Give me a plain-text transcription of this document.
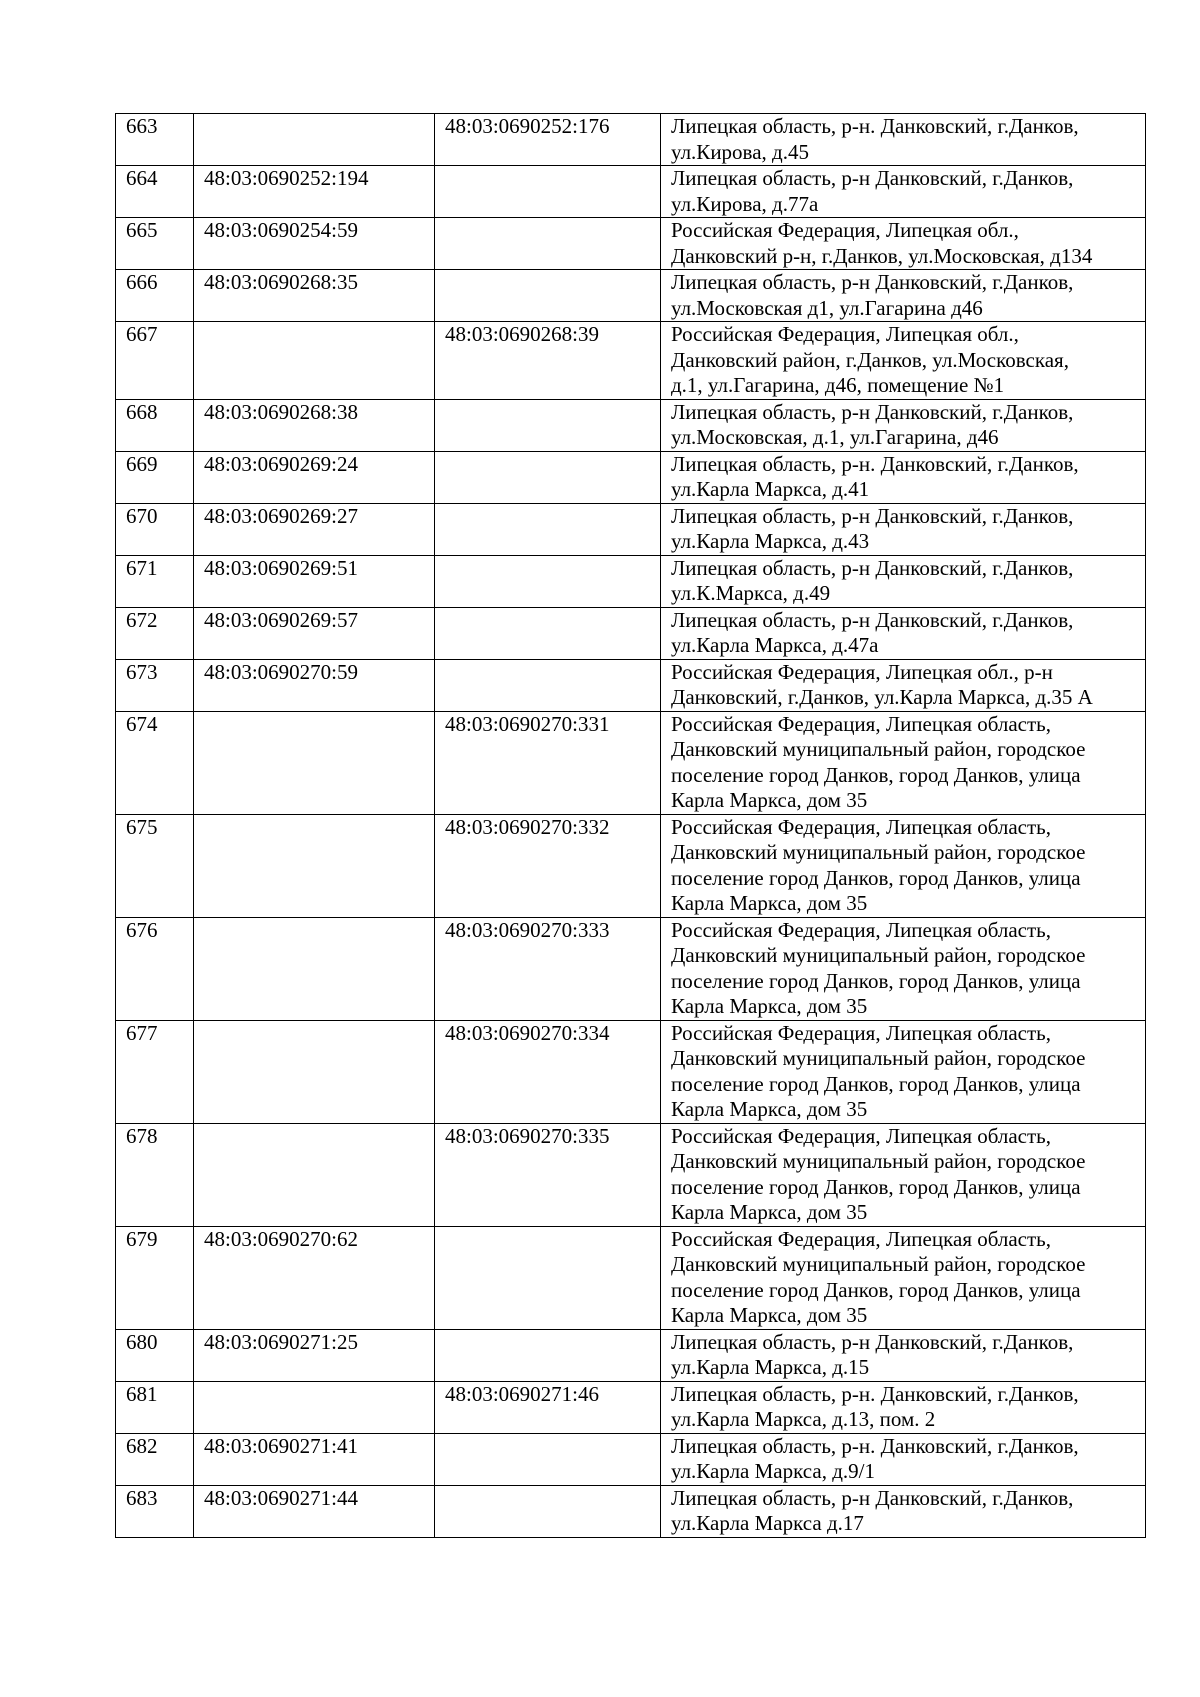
663		48:03:0690252:176	Липецкая область, р-н. Данковский, г.Данков,
ул.Кирова, д.45

664	48:03:0690252:194		Липецкая область, р-н Данковский, г.Данков,
ул.Кирова, д.77а

665	48:03:0690254:59		Российская Федерация, Липецкая обл.,
Данковский р-н, г.Данков, ул.Московская, д134

666	48:03:0690268:35		Липецкая область, р-н Данковский, г.Данков,
ул.Московская д1, ул.Гагарина д46

667		48:03:0690268:39	Российская Федерация, Липецкая обл.,
Данковский район, г.Данков, ул.Московская,
д.1, ул.Гагарина, д46, помещение №1

668	48:03:0690268:38		Липецкая область, р-н Данковский, г.Данков,
ул.Московская, д.1, ул.Гагарина, д46

669	48:03:0690269:24		Липецкая область, р-н. Данковский, г.Данков,
ул.Карла Маркса, д.41

670	48:03:0690269:27		Липецкая область, р-н Данковский, г.Данков,
ул.Карла Маркса, д.43

671	48:03:0690269:51		Липецкая область, р-н Данковский, г.Данков,
ул.К.Маркса, д.49

672	48:03:0690269:57		Липецкая область, р-н Данковский, г.Данков,
ул.Карла Маркса, д.47а

673	48:03:0690270:59		Российская Федерация, Липецкая обл., р-н
Данковский, г.Данков, ул.Карла Маркса, д.35 А

674		48:03:0690270:331	Российская Федерация, Липецкая область,
Данковский муниципальный район, городское
поселение город Данков, город Данков, улица
Карла Маркса, дом 35

675		48:03:0690270:332	Российская Федерация, Липецкая область,
Данковский муниципальный район, городское
поселение город Данков, город Данков, улица
Карла Маркса, дом 35

676		48:03:0690270:333	Российская Федерация, Липецкая область,
Данковский муниципальный район, городское
поселение город Данков, город Данков, улица
Карла Маркса, дом 35

677		48:03:0690270:334	Российская Федерация, Липецкая область,
Данковский муниципальный район, городское
поселение город Данков, город Данков, улица
Карла Маркса, дом 35

678		48:03:0690270:335	Российская Федерация, Липецкая область,
Данковский муниципальный район, городское
поселение город Данков, город Данков, улица
Карла Маркса, дом 35

679	48:03:0690270:62		Российская Федерация, Липецкая область,
Данковский муниципальный район, городское
поселение город Данков, город Данков, улица
Карла Маркса, дом 35

680	48:03:0690271:25		Липецкая область, р-н Данковский, г.Данков,
ул.Карла Маркса, д.15

681		48:03:0690271:46	Липецкая область, р-н. Данковский, г.Данков,
ул.Карла Маркса, д.13, пом. 2

682	48:03:0690271:41		Липецкая область, р-н. Данковский, г.Данков,
ул.Карла Маркса, д.9/1

683	48:03:0690271:44		Липецкая область, р-н Данковский, г.Данков,
ул.Карла Маркса д.17
